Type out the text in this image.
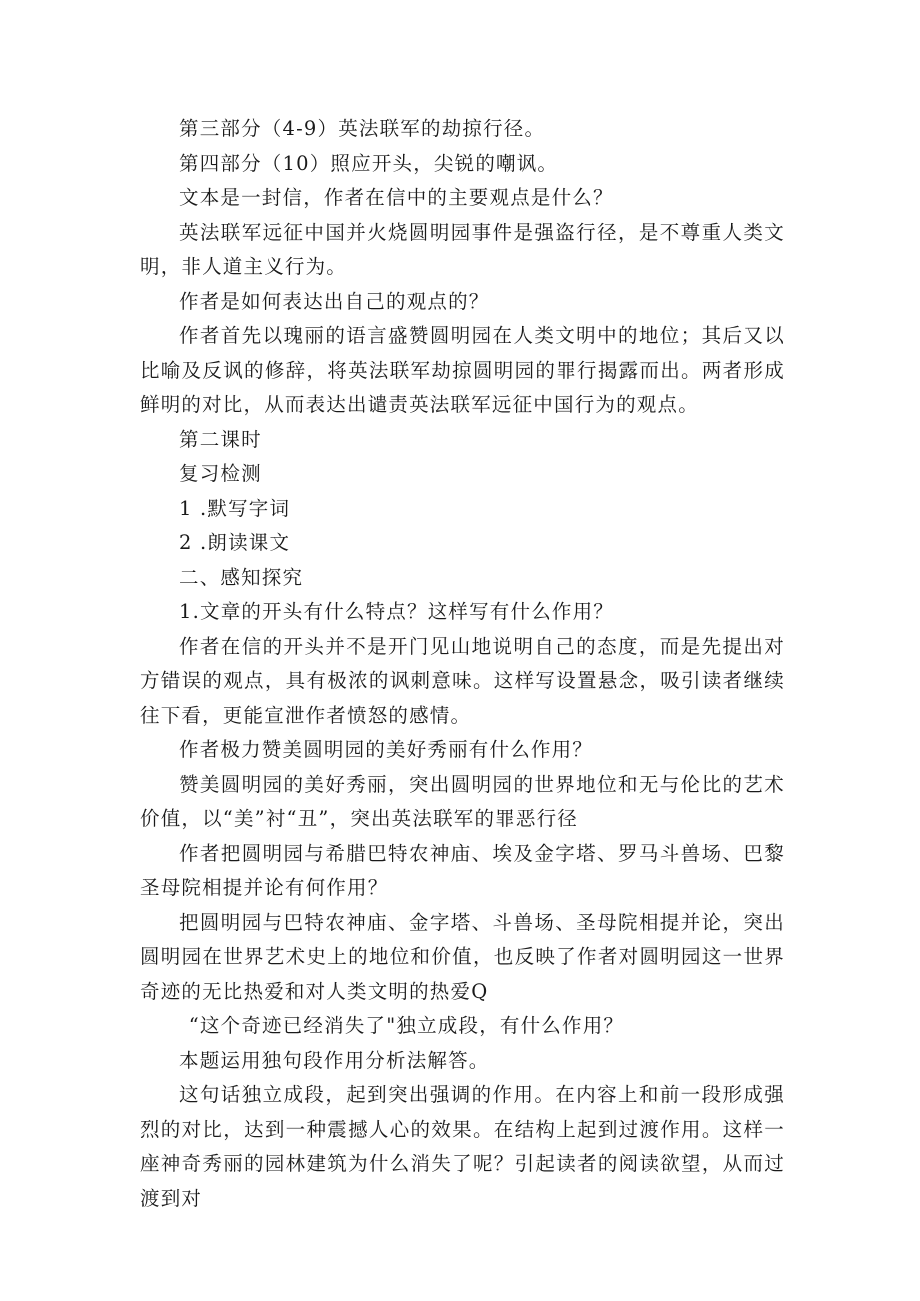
第三部分（4-9）英法联军的劫掠行径。

第四部分（10）照应开头，尖锐的嘲讽。

文本是一封信，作者在信中的主要观点是什么？

英法联军远征中国并火烧圆明园事件是强盗行径，是不尊重人类文明，非人道主义行为。

作者是如何表达出自己的观点的？

作者首先以瑰丽的语言盛赞圆明园在人类文明中的地位；其后又以比喻及反讽的修辞，将英法联军劫掠圆明园的罪行揭露而出。两者形成鲜明的对比，从而表达出谴责英法联军远征中国行为的观点。

第二课时

复习检测

1 .默写字词

2 .朗读课文

二、感知探究

1.文章的开头有什么特点？这样写有什么作用？

作者在信的开头并不是开门见山地说明自己的态度，而是先提出对方错误的观点，具有极浓的讽刺意味。这样写设置悬念，吸引读者继续往下看，更能宣泄作者愤怒的感情。

作者极力赞美圆明园的美好秀丽有什么作用？

赞美圆明园的美好秀丽，突出圆明园的世界地位和无与伦比的艺术价值，以“美”衬“丑”，突出英法联军的罪恶行径

作者把圆明园与希腊巴特农神庙、埃及金字塔、罗马斗兽场、巴黎圣母院相提并论有何作用？

把圆明园与巴特农神庙、金字塔、斗兽场、圣母院相提并论，突出圆明园在世界艺术史上的地位和价值，也反映了作者对圆明园这一世界奇迹的无比热爱和对人类文明的热爱Q

“这个奇迹已经消失了"独立成段，有什么作用？

本题运用独句段作用分析法解答。

这句话独立成段，起到突出强调的作用。在内容上和前一段形成强烈的对比，达到一种震撼人心的效果。在结构上起到过渡作用。这样一座神奇秀丽的园林建筑为什么消失了呢？引起读者的阅读欲望，从而过渡到对
